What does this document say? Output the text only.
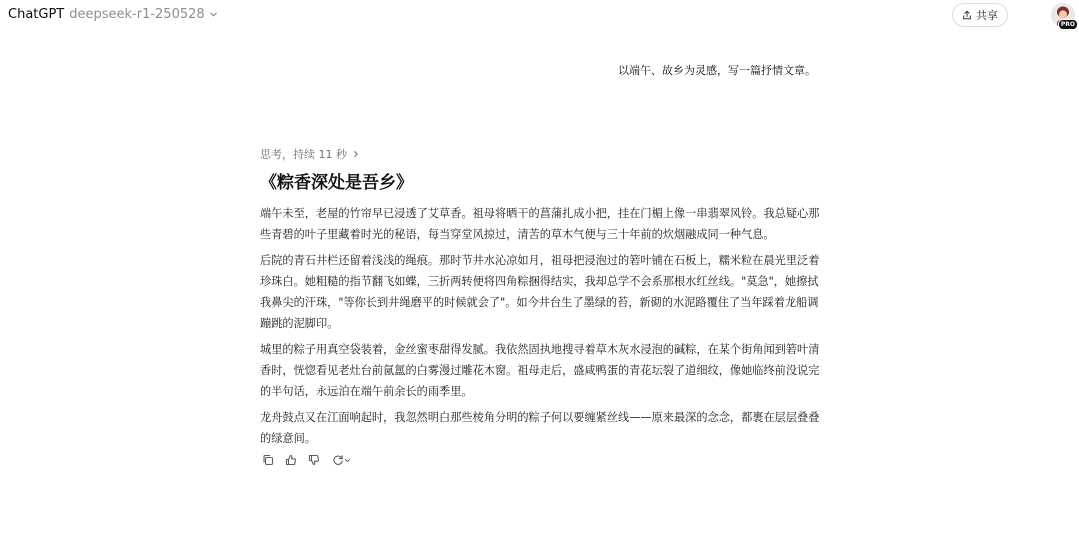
ChatGPT deepseek-r1-250528	共享
PRO
以端午、故乡为灵感，写一篇抒情文章。
思考，持续 11 秒
《粽香深处是吾乡》

端午未至，老屋的竹帘早已浸透了艾草香。祖母将晒干的菖蒲扎成小把，挂在门楣上像一串翡翠风铃。我总疑心那些青碧的叶子里藏着时光的秘语，每当穿堂风掠过，清苦的草木气便与三十年前的炊烟融成同一种气息。

后院的青石井栏还留着浅浅的绳痕。那时节井水沁凉如月，祖母把浸泡过的箬叶铺在石板上，糯米粒在晨光里泛着珍珠白。她粗糙的指节翻飞如蝶，三折两转便将四角粽捆得结实，我却总学不会系那根水红丝线。"莫急"，她擦拭我鼻尖的汗珠，"等你长到井绳磨平的时候就会了"。如今井台生了墨绿的苔，新砌的水泥路覆住了当年踩着龙船调蹦跳的泥脚印。

城里的粽子用真空袋装着，金丝蜜枣甜得发腻。我依然固执地搜寻着草木灰水浸泡的碱粽，在某个街角闻到箬叶清香时，恍惚看见老灶台前氤氲的白雾漫过雕花木窗。祖母走后，盛咸鸭蛋的青花坛裂了道细纹，像她临终前没说完的半句话，永远泊在端午前余长的雨季里。

龙舟鼓点又在江面响起时，我忽然明白那些棱角分明的粽子何以要缠紧丝线——原来最深的念念，都裹在层层叠叠的绿意间。
